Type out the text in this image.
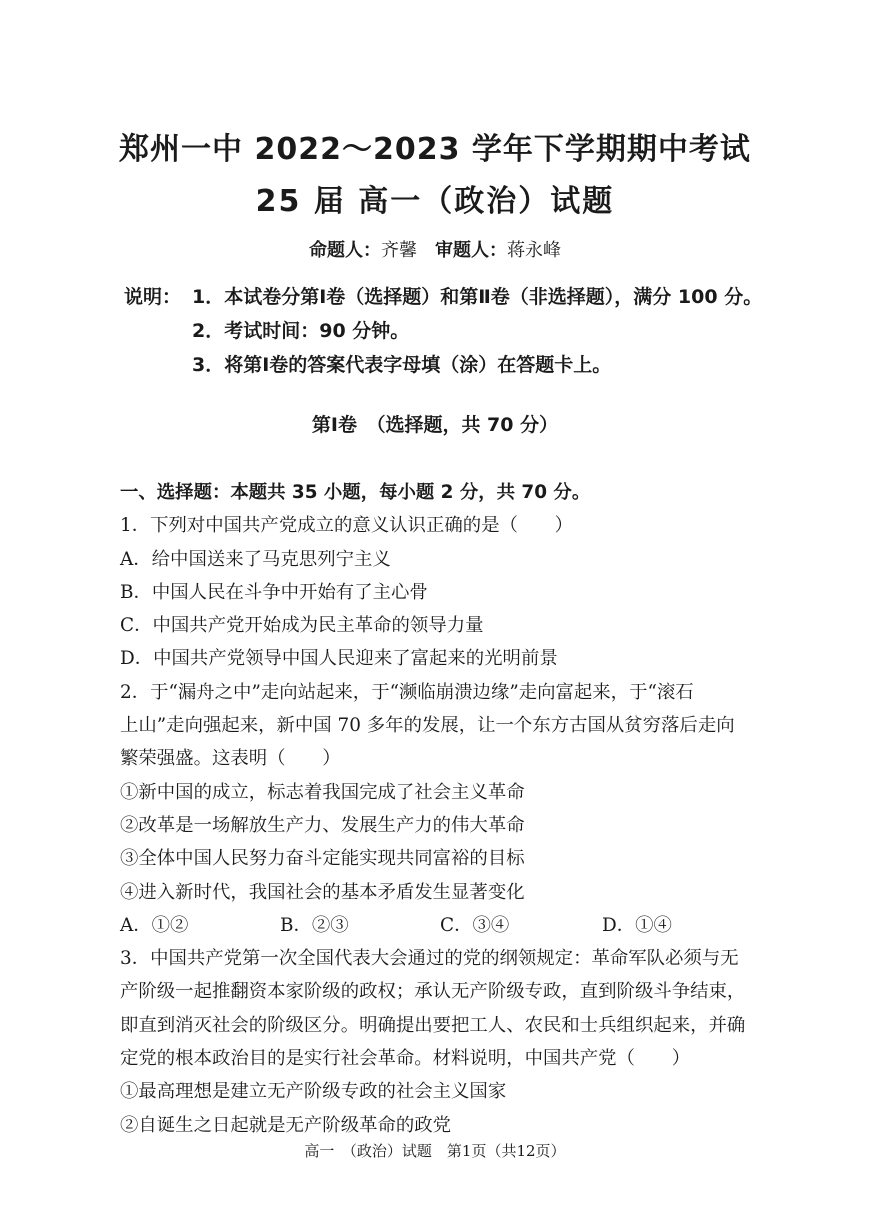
郑州一中 2022～2023 学年下学期期中考试
25 届 高一（政治）试题
命题人：齐馨 审题人：蒋永峰
说明： 1．本试卷分第Ⅰ卷（选择题）和第Ⅱ卷（非选择题），满分 100 分。
2．考试时间：90 分钟。
3．将第Ⅰ卷的答案代表字母填（涂）在答题卡上。
第Ⅰ卷　（选择题，共 70 分）
一、选择题：本题共 35 小题，每小题 2 分，共 70 分。
1．下列对中国共产党成立的意义认识正确的是（　　）
A．给中国送来了马克思列宁主义
B．中国人民在斗争中开始有了主心骨
C．中国共产党开始成为民主革命的领导力量
D．中国共产党领导中国人民迎来了富起来的光明前景
2．于“漏舟之中”走向站起来，于“濒临崩溃边缘”走向富起来，于“滚石
上山”走向强起来，新中国 70 多年的发展，让一个东方古国从贫穷落后走向
繁荣强盛。这表明（　　）
①新中国的成立，标志着我国完成了社会主义革命
②改革是一场解放生产力、发展生产力的伟大革命
③全体中国人民努力奋斗定能实现共同富裕的目标
④进入新时代，我国社会的基本矛盾发生显著变化
A．①②	B．②③	C．③④	D．①④
3．中国共产党第一次全国代表大会通过的党的纲领规定：革命军队必须与无
产阶级一起推翻资本家阶级的政权；承认无产阶级专政，直到阶级斗争结束，
即直到消灭社会的阶级区分。明确提出要把工人、农民和士兵组织起来，并确
定党的根本政治目的是实行社会革命。材料说明，中国共产党（　　）
①最高理想是建立无产阶级专政的社会主义国家
②自诞生之日起就是无产阶级革命的政党
高一　（政治）试题　第1页（共12页）
